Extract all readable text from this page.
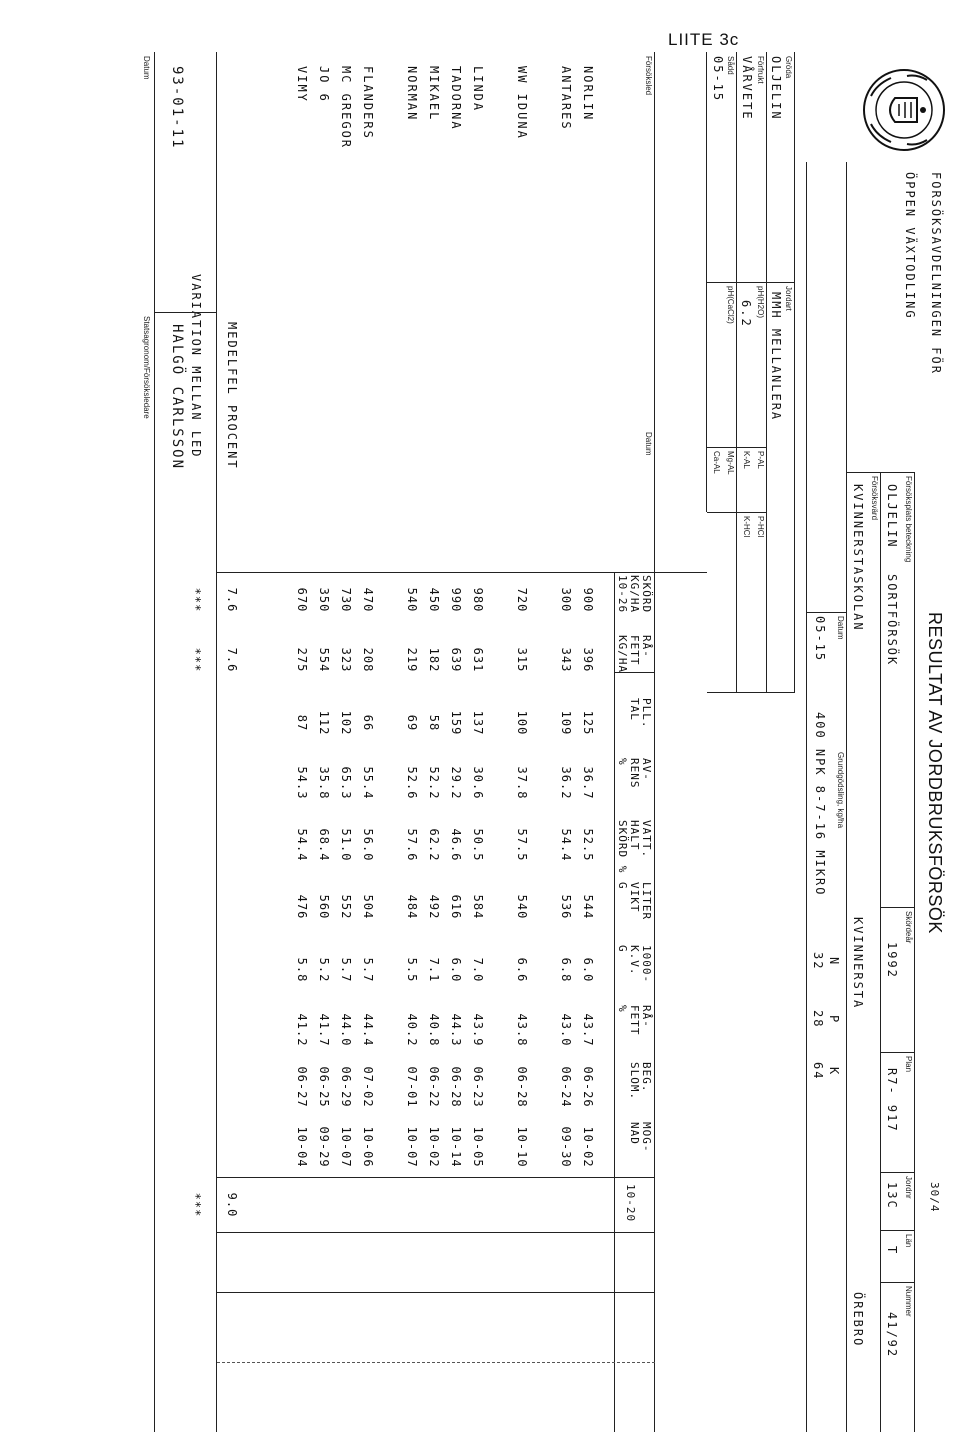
LIITE 3c
FORSÖKSAVDELNINGEN FÖR
ÖPPEN VÄXTODLING
RESULTAT AV JORDBRUKSFÖRSÖK
30/4
Försöksplats beteckning
OLJELIN
SORTFÖRSÖK
Skördeår
1992
Plan
R7- 917
Jordnr
13C
Län
T
Nummer
41/92
Försöksvärd
KVINNERSTASKOLAN
KVINNERSTA
ÖREBRO
Datum
Grundgödsling, kg/ha
05-15
400 NPK 8-7-16 MIKRO
N
P
K
32
28
64
Gröda
OLJELIN
Jordart
MMH MELLANLERA
Förfrukt
VÅRVETE
pH(H2O)
6.2
P-AL
K-AL
P-HCl
K-HCl
Sådd
05-15
pH(CaCl2)
Mg-AL
Ca-AL
Försöksled
Datum
SKÖRD
KG/HA
10-26
RÅ-
FETT
KG/HA
PLL.
TAL
AV-
RENS
%
VATT.
HALT
SKÖRD %
LITER
VIKT
G
1000-
K.V.
G
RÅ-
FETT
%
BEG.
SLOM.
MOG-
NAD
10-20
NORLIN
900
396
125
36.7
52.5
544
6.0
43.7
06-26
10-02
ANTARES
300
343
109
36.2
54.4
536
6.8
43.0
06-24
09-30
WW IDUNA
720
315
100
37.8
57.5
540
6.6
43.8
06-28
10-10
LINDA
980
631
137
30.6
50.5
584
7.0
43.9
06-23
10-05
TADORNA
990
639
159
29.2
46.6
616
6.0
44.3
06-28
10-14
MIKAEL
450
182
58
52.2
62.2
492
7.1
40.8
06-22
10-02
NORMAN
540
219
69
52.6
57.6
484
5.5
40.2
07-01
10-07
FLANDERS
470
208
66
55.4
56.0
504
5.7
44.4
07-02
10-06
MC GREGOR
730
323
102
65.3
51.0
552
5.7
44.0
06-29
10-07
JO 6
350
554
112
35.8
68.4
560
5.2
41.7
06-25
09-29
VIMY
670
275
87
54.3
54.4
476
5.8
41.2
06-27
10-04
MEDELFEL PROCENT
7.6
7.6
9.0
VARIATION MELLAN LED
***
***
***
93-01-11
HALGÖ CARLSSON
Datum
Statsagronom/Försöksledare
